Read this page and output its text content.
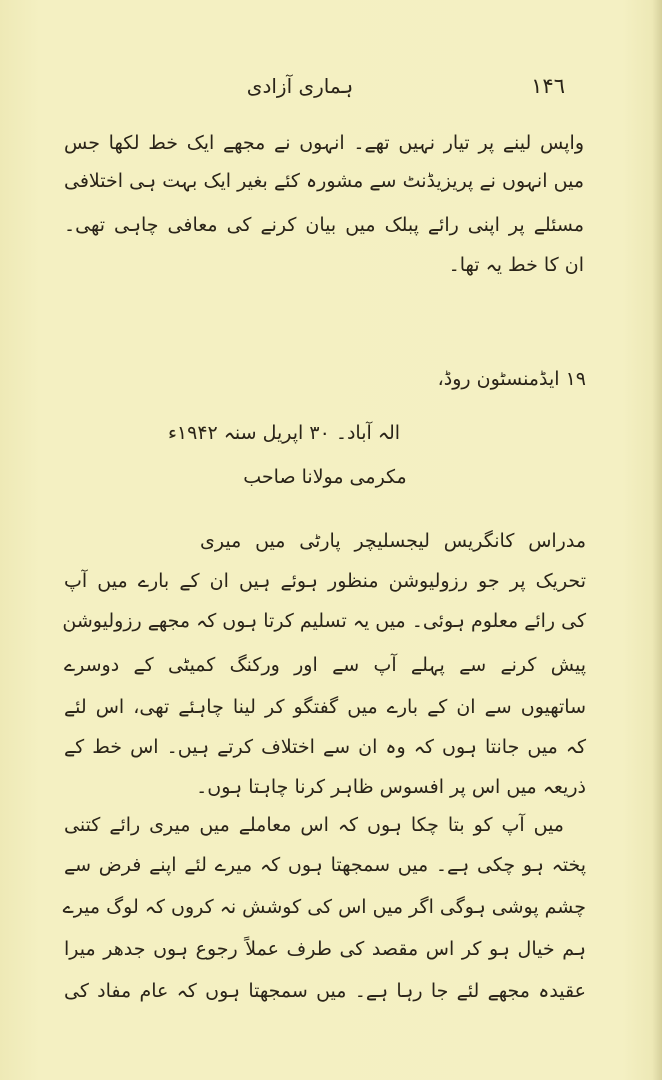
ہماری آزادی	۱۴٦
واپس لینے پر تیار نہیں تھے۔ انہوں نے مجھے ایک خط لکھا جس
میں انہوں نے پریزیڈنٹ سے مشورہ کئے بغیر ایک بہت ہی اختلافی
مسئلے پر اپنی رائے پبلک میں بیان کرنے کی معافی چاہی تھی۔
ان کا خط یہ تھا۔
۱۹ ایڈمنسٹون روڈ،
الہ آباد۔ ۳۰ اپریل سنہ ۱۹۴۲ء
مکرمی مولانا صاحب
مدراس کانگریس لیجسلیچر پارٹی میں میری
تحریک پر جو رزولیوشن منظور ہوئے ہیں ان کے بارے میں آپ
کی رائے معلوم ہوئی۔ میں یہ تسلیم کرتا ہوں کہ مجھے رزولیوشن
پیش کرنے سے پہلے آپ سے اور ورکنگ کمیٹی کے دوسرے
ساتھیوں سے ان کے بارے میں گفتگو کر لینا چاہئے تھی، اس لئے
کہ میں جانتا ہوں کہ وہ ان سے اختلاف کرتے ہیں۔ اس خط کے
ذریعہ میں اس پر افسوس ظاہر کرنا چاہتا ہوں۔
میں آپ کو بتا چکا ہوں کہ اس معاملے میں میری رائے کتنی
پختہ ہو چکی ہے۔ میں سمجھتا ہوں کہ میرے لئے اپنے فرض سے
چشم پوشی ہوگی اگر میں اس کی کوشش نہ کروں کہ لوگ میرے
ہم خیال ہو کر اس مقصد کی طرف عملاً رجوع ہوں جدھر میرا
عقیدہ مجھے لئے جا رہا ہے۔ میں سمجھتا ہوں کہ عام مفاد کی
